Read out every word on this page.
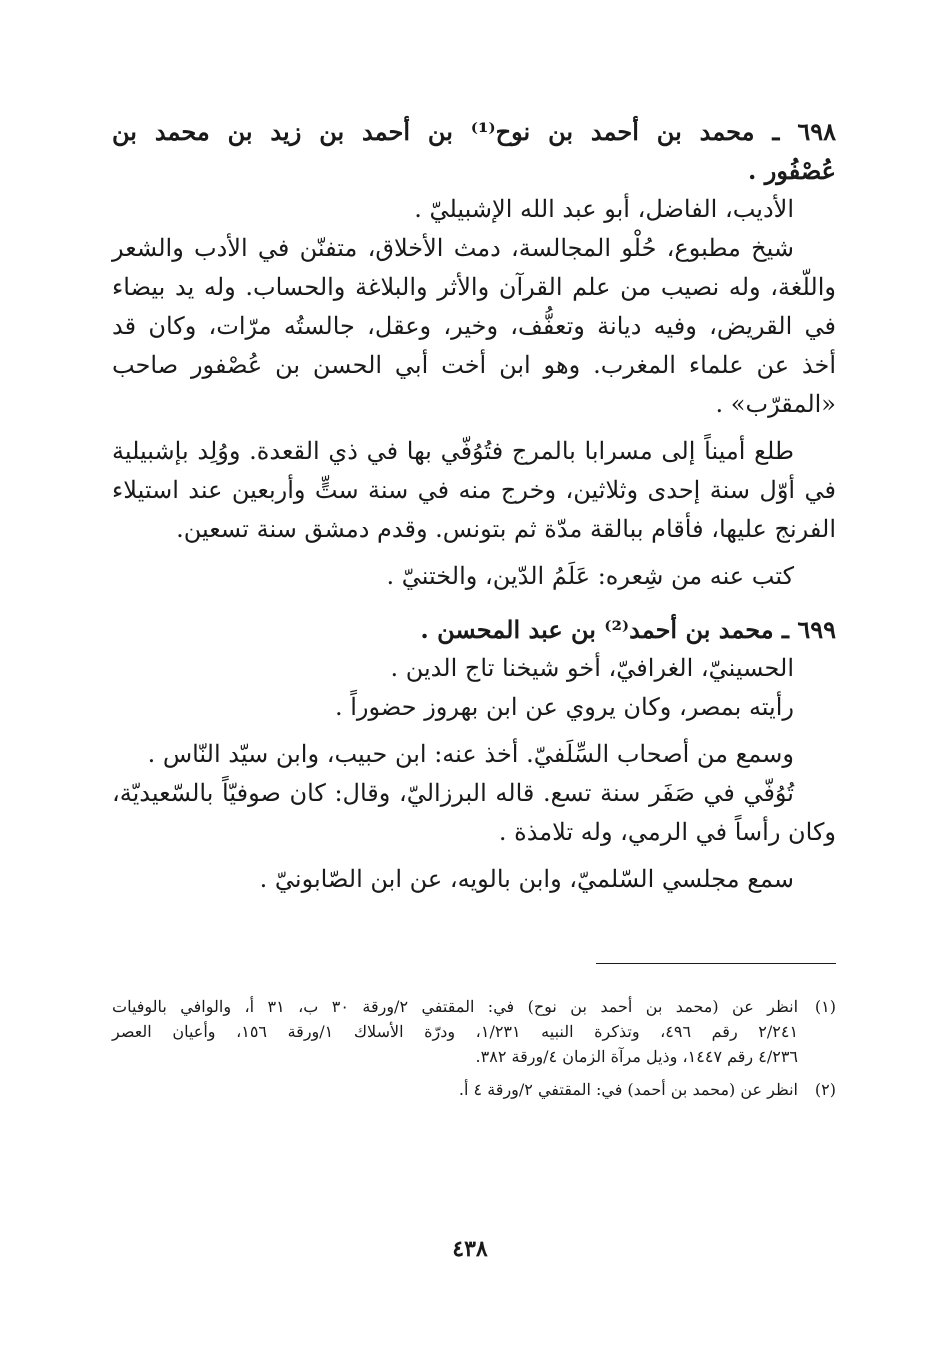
٦٩٨ ـ محمد بن أحمد بن نوح⁽¹⁾ بن أحمد بن زيد بن محمد بن
عُصْفُور .
الأديب، الفاضل، أبو عبد الله الإشبيليّ .
شيخ مطبوع، حُلْو المجالسة، دمث الأخلاق، متفنّن في الأدب والشعر
واللّغة، وله نصيب من علم القرآن والأثر والبلاغة والحساب. وله يد بيضاء
في القريض، وفيه ديانة وتعفُّف، وخير، وعقل، جالستُه مرّات، وكان قد
أخذ عن علماء المغرب. وهو ابن أخت أبي الحسن بن عُصْفور صاحب
«المقرّب» .
طلع أميناً إلى مسرابا بالمرج فتُوُفّي بها في ذي القعدة. ووُلِد بإشبيلية
في أوّل سنة إحدى وثلاثين، وخرج منه في سنة ستٍّ وأربعين عند استيلاء
الفرنج عليها، فأقام ببالقة مدّة ثم بتونس. وقدم دمشق سنة تسعين.
كتب عنه من شِعره: عَلَمُ الدّين، والختنيّ .
٦٩٩ ـ محمد بن أحمد⁽²⁾ بن عبد المحسن .
الحسينيّ، الغرافيّ، أخو شيخنا تاج الدين .
رأيته بمصر، وكان يروي عن ابن بهروز حضوراً .
وسمع من أصحاب السِّلَفيّ. أخذ عنه: ابن حبيب، وابن سيّد النّاس .
تُوُفّي في صَفَر سنة تسع. قاله البرزاليّ، وقال: كان صوفيّاً بالسّعيديّة،
وكان رأساً في الرمي، وله تلامذة .
سمع مجلسي السّلميّ، وابن بالويه، عن ابن الصّابونيّ .
(١)انظر عن (محمد بن أحمد بن نوح) في: المقتفي ٢/ورقة ٣٠ ب، ٣١ أ، والوافي بالوفيات
٢/٢٤١ رقم ٤٩٦، وتذكرة النبيه ١/٢٣١، ودرّة الأسلاك ١/ورقة ١٥٦، وأعيان العصر
٤/٢٣٦ رقم ١٤٤٧، وذيل مرآة الزمان ٤/ورقة ٣٨٢.
(٢)انظر عن (محمد بن أحمد) في: المقتفي ٢/ورقة ٤ أ.
٤٣٨
